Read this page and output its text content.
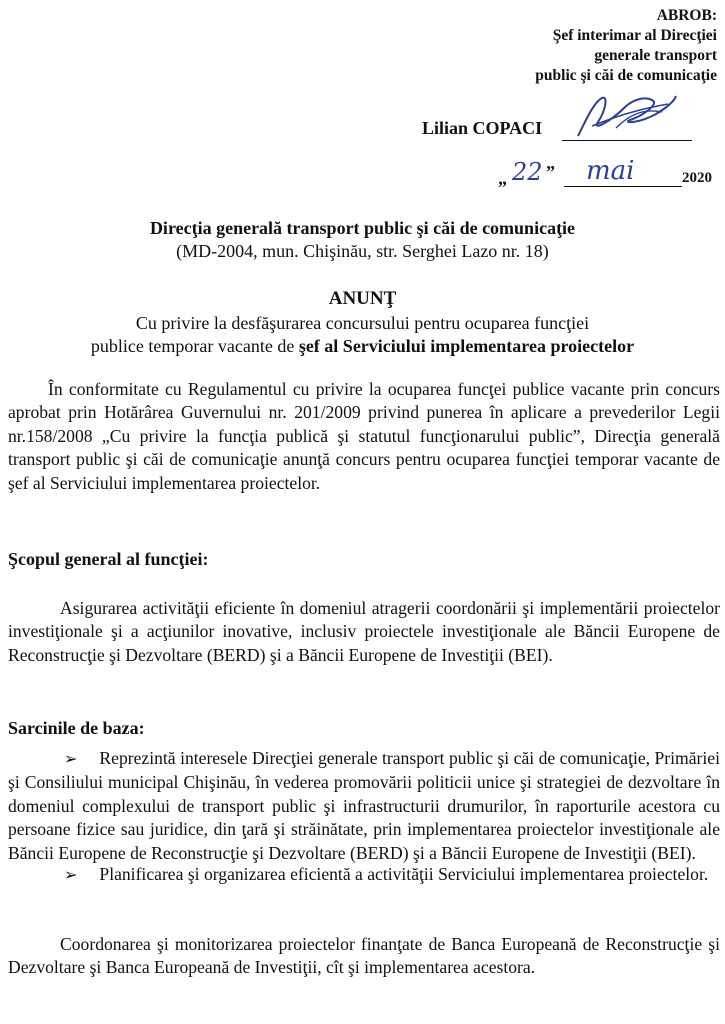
ABROB:
Şef interimar al Direcţiei
generale transport
public şi căi de comunicaţie
Lilian COPACI
„ 22 ” mai	2020
Direcţia generală transport public şi căi de comunicaţie
(MD-2004, mun. Chişinău, str. Serghei Lazo nr. 18)
ANUNŢ
Cu privire la desfăşurarea concursului pentru ocuparea funcţiei
publice temporar vacante de şef al Serviciului implementarea proiectelor
În conformitate cu Regulamentul cu privire la ocuparea funcţei publice vacante prin concurs aprobat prin Hotărârea Guvernului nr. 201/2009 privind punerea în aplicare a prevederilor Legii nr.158/2008 „Cu privire la funcţia publică şi statutul funcţionarului public”, Direcţia generală transport public şi căi de comunicaţie anunţă concurs pentru ocuparea funcţiei temporar vacante de şef al Serviciului implementarea proiectelor.
Şcopul general al funcţiei:
Asigurarea activităţii eficiente în domeniul atragerii coordonării şi implementării proiectelor investiţionale şi a acţiunilor inovative, inclusiv proiectele investiţionale ale Băncii Europene de Reconstrucţie şi Dezvoltare (BERD) şi a Băncii Europene de Investiţii (BEI).
Sarcinile de baza:
➢ Reprezintă interesele Direcţiei generale transport public şi căi de comunicaţie, Primăriei şi Consiliului municipal Chişinău, în vederea promovării politicii unice şi strategiei de dezvoltare în domeniul complexului de transport public şi infrastructurii drumurilor, în raporturile acestora cu persoane fizice sau juridice, din ţară şi străinătate, prin implementarea proiectelor investiţionale ale Băncii Europene de Reconstrucţie şi Dezvoltare (BERD) şi a Băncii Europene de Investiţii (BEI).
➢ Planificarea şi organizarea eficientă a activităţii Serviciului implementarea proiectelor.
Coordonarea şi monitorizarea proiectelor finanţate de Banca Europeană de Reconstrucţie şi Dezvoltare şi Banca Europeană de Investiţii, cît şi implementarea acestora.
